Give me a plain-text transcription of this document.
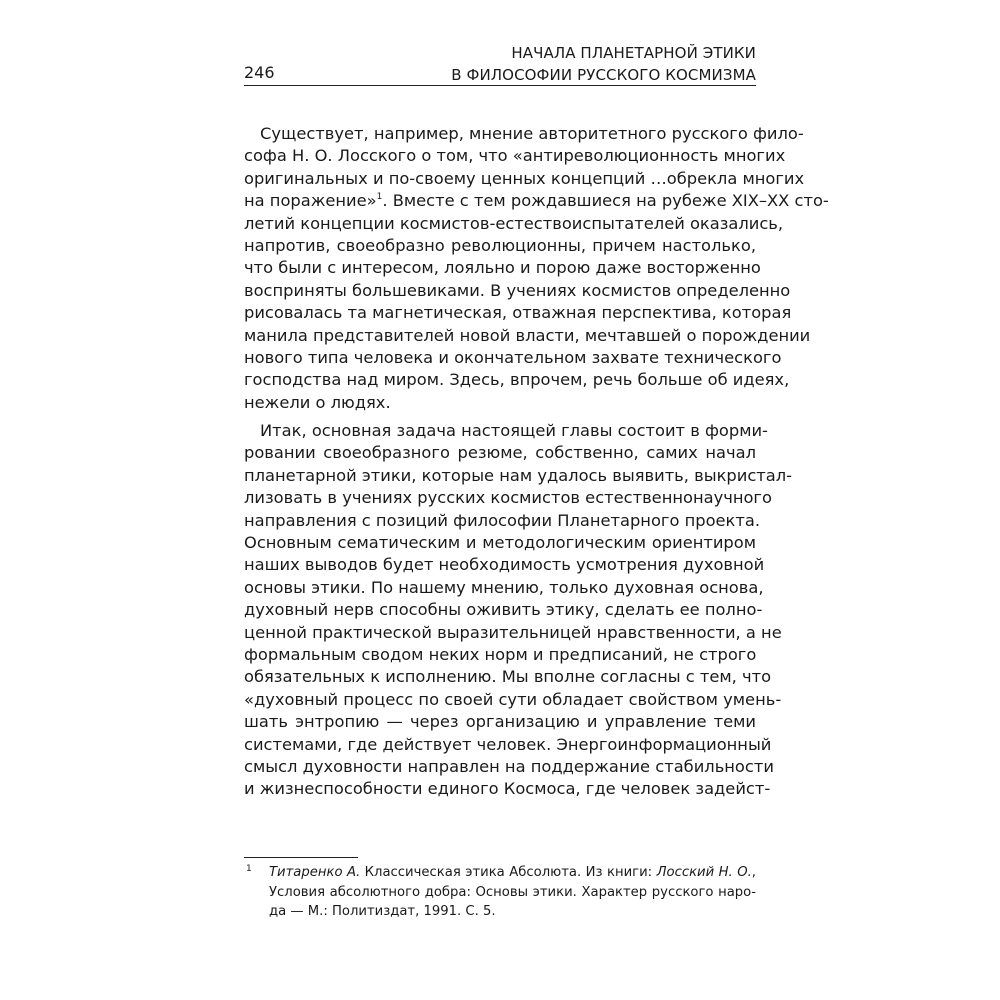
246
НАЧАЛА ПЛАНЕТАРНОЙ ЭТИКИ
В ФИЛОСОФИИ РУССКОГО КОСМИЗМА
Существует, например, мнение авторитетного русского фило-
софа Н. О. Лосского о том, что «антиреволюционность многих
оригинальных и по-своему ценных концепций …обрекла многих
на поражение»$^1$. Вместе с тем рождавшиеся на рубеже XIX–XX сто-
летий концепции космистов-естествоиспытателей оказались,
напротив, своеобразно революционны, причем настолько,
что были с интересом, лояльно и порою даже восторженно
восприняты большевиками. В учениях космистов определенно
рисовалась та магнетическая, отважная перспектива, которая
манила представителей новой власти, мечтавшей о порождении
нового типа человека и окончательном захвате технического
господства над миром. Здесь, впрочем, речь больше об идеях,
нежели о людях.
Итак, основная задача настоящей главы состоит в форми-
ровании своеобразного резюме, собственно, самих начал
планетарной этики, которые нам удалось выявить, выкристал-
лизовать в учениях русских космистов естественнонаучного
направления с позиций философии Планетарного проекта.
Основным сематическим и методологическим ориентиром
наших выводов будет необходимость усмотрения духовной
основы этики. По нашему мнению, только духовная основа,
духовный нерв способны оживить этику, сделать ее полно-
ценной практической выразительницей нравственности, а не
формальным сводом неких норм и предписаний, не строго
обязательных к исполнению. Мы вполне согласны с тем, что
«духовный процесс по своей сути обладает свойством умень-
шать энтропию — через организацию и управление теми
системами, где действует человек. Энергоинформационный
смысл духовности направлен на поддержание стабильности
и жизнеспособности единого Космоса, где человек задейст-
1 Титаренко А. Классическая этика Абсолюта. Из книги: Лосский Н. О.,
Условия абсолютного добра: Основы этики. Характер русского наро-
да — М.: Политиздат, 1991. С. 5.
